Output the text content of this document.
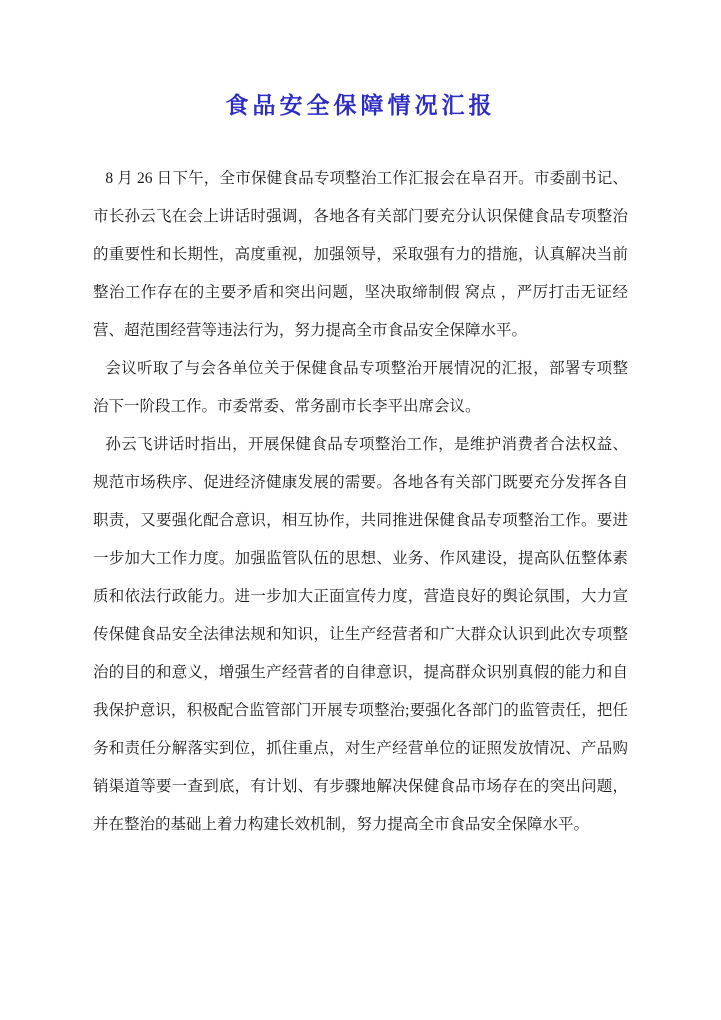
食品安全保障情况汇报

8 月 26 日下午，全市保健食品专项整治工作汇报会在阜召开。市委副书记、市长孙云飞在会上讲话时强调，各地各有关部门要充分认识保健食品专项整治的重要性和长期性，高度重视，加强领导，采取强有力的措施，认真解决当前整治工作存在的主要矛盾和突出问题，坚决取缔制假 窝点 ，严厉打击无证经营、超范围经营等违法行为，努力提高全市食品安全保障水平。

会议听取了与会各单位关于保健食品专项整治开展情况的汇报，部署专项整治下一阶段工作。市委常委、常务副市长李平出席会议。

孙云飞讲话时指出，开展保健食品专项整治工作，是维护消费者合法权益、规范市场秩序、促进经济健康发展的需要。各地各有关部门既要充分发挥各自职责，又要强化配合意识，相互协作，共同推进保健食品专项整治工作。要进一步加大工作力度。加强监管队伍的思想、业务、作风建设，提高队伍整体素质和依法行政能力。进一步加大正面宣传力度，营造良好的舆论氛围，大力宣传保健食品安全法律法规和知识，让生产经营者和广大群众认识到此次专项整治的目的和意义，增强生产经营者的自律意识，提高群众识别真假的能力和自我保护意识，积极配合监管部门开展专项整治;要强化各部门的监管责任，把任务和责任分解落实到位，抓住重点，对生产经营单位的证照发放情况、产品购销渠道等要一查到底，有计划、有步骤地解决保健食品市场存在的突出问题，并在整治的基础上着力构建长效机制，努力提高全市食品安全保障水平。
